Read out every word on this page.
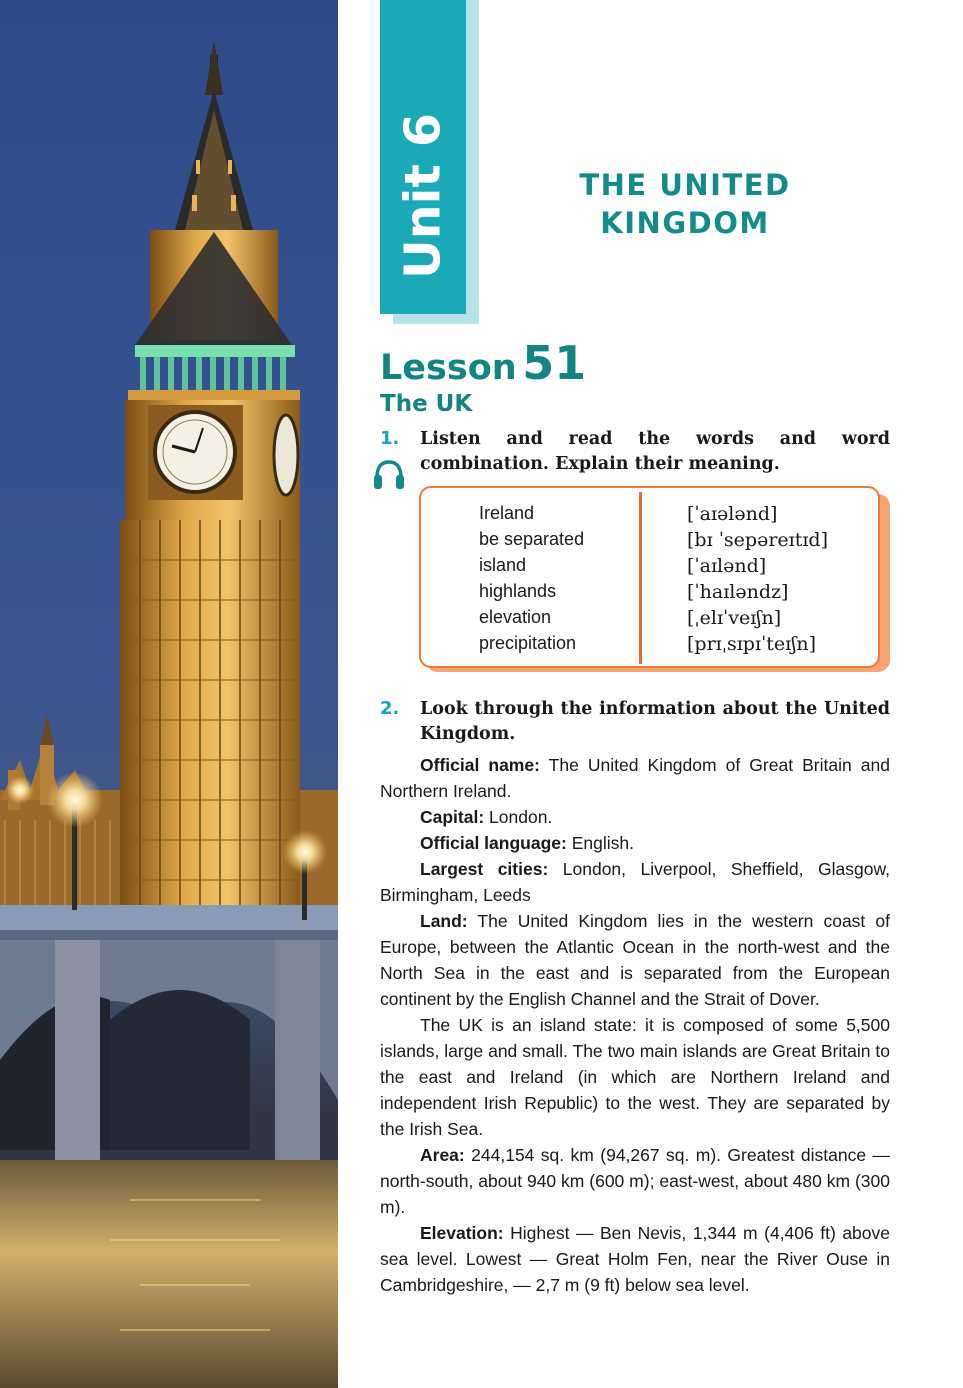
Unit 6	THE UNITED KINGDOM
Lesson 51
The UK
1. Listen and read the words and word combination. Explain their meaning.
Ireland
be separated
island
highlands
elevation
precipitation
[ˈaɪələnd]
[bɪ ˈsepəreɪtɪd]
[ˈaɪlənd]
[ˈhaɪləndz]
[ˌelɪˈveɪʃn]
[prɪˌsɪpɪˈteɪʃn]
2. Look through the information about the United Kingdom.

Official name: The United Kingdom of Great Britain and Northern Ireland.

Capital: London.

Official language: English.

Largest cities: London, Liverpool, Sheffield, Glasgow, Birmingham, Leeds

Land: The United Kingdom lies in the western coast of Europe, between the Atlantic Ocean in the north-west and the North Sea in the east and is separated from the European continent by the English Channel and the Strait of Dover.

The UK is an island state: it is composed of some 5,500 islands, large and small. The two main islands are Great Britain to the east and Ireland (in which are Northern Ireland and independent Irish Republic) to the west. They are separated by the Irish Sea.

Area: 244,154 sq. km (94,267 sq. m). Greatest distance — north-south, about 940 km (600 m); east-west, about 480 km (300 m).

Elevation: Highest — Ben Nevis, 1,344 m (4,406 ft) above sea level. Lowest — Great Holm Fen, near the River Ouse in Cambridgeshire, — 2,7 m (9 ft) below sea level.
